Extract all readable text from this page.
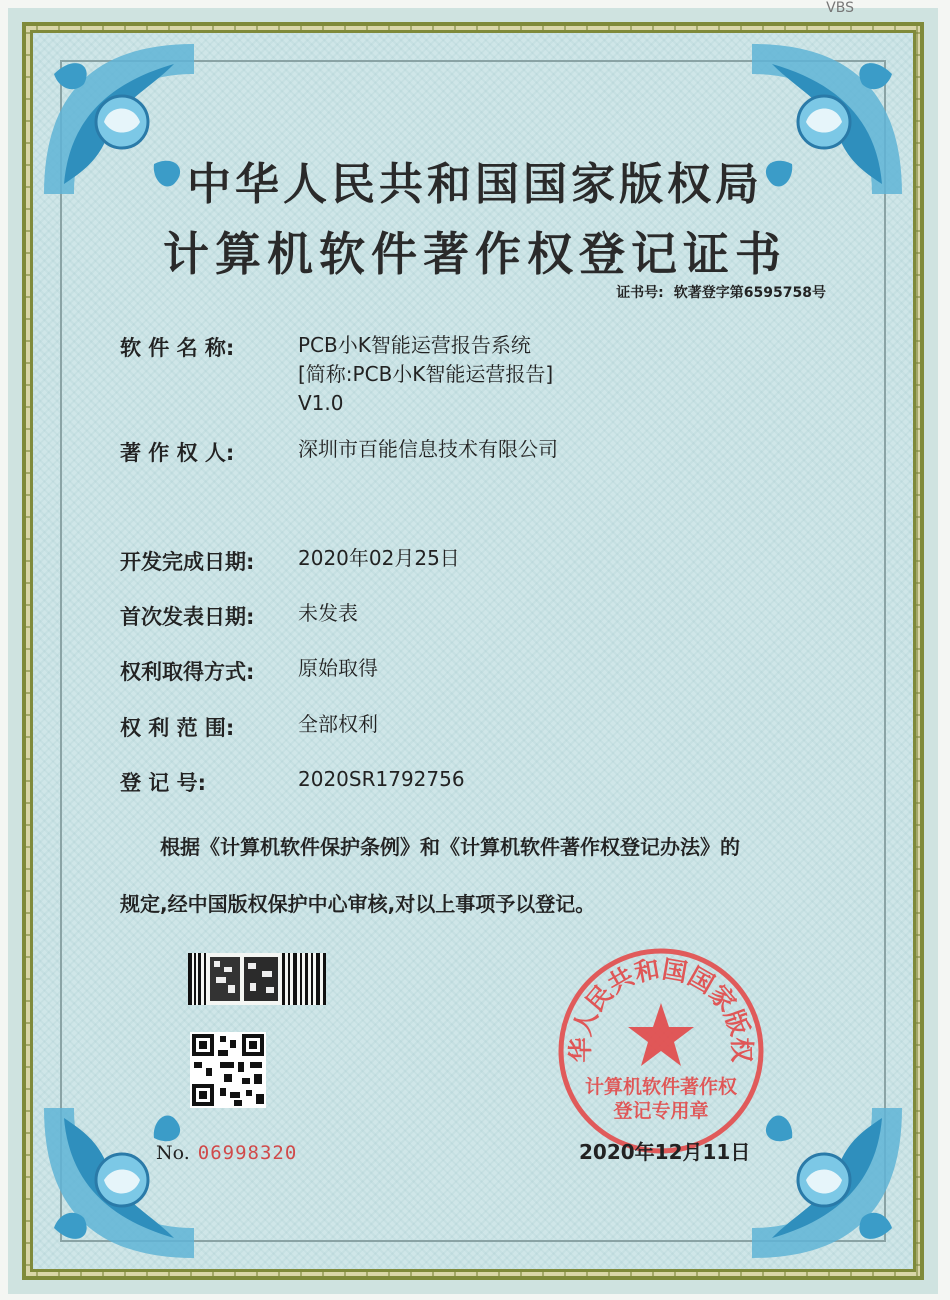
VBS
中华人民共和国国家版权局
计算机软件著作权登记证书
证书号: 软著登字第6595758号
软 件 名 称:	PCB小K智能运营报告系统
[简称:PCB小K智能运营报告]
V1.0
著 作 权 人:	深圳市百能信息技术有限公司
开发完成日期: 2020年02月25日
首次发表日期: 未发表
权利取得方式: 原始取得
权 利 范 围:	全部权利
登 记 号:	2020SR1792756
根据《计算机软件保护条例》和《计算机软件著作权登记办法》的
规定,经中国版权保护中心审核,对以上事项予以登记。
No. 06998320
华人民共和国国家版权
计算机软件著作权
登记专用章
2020年12月11日
